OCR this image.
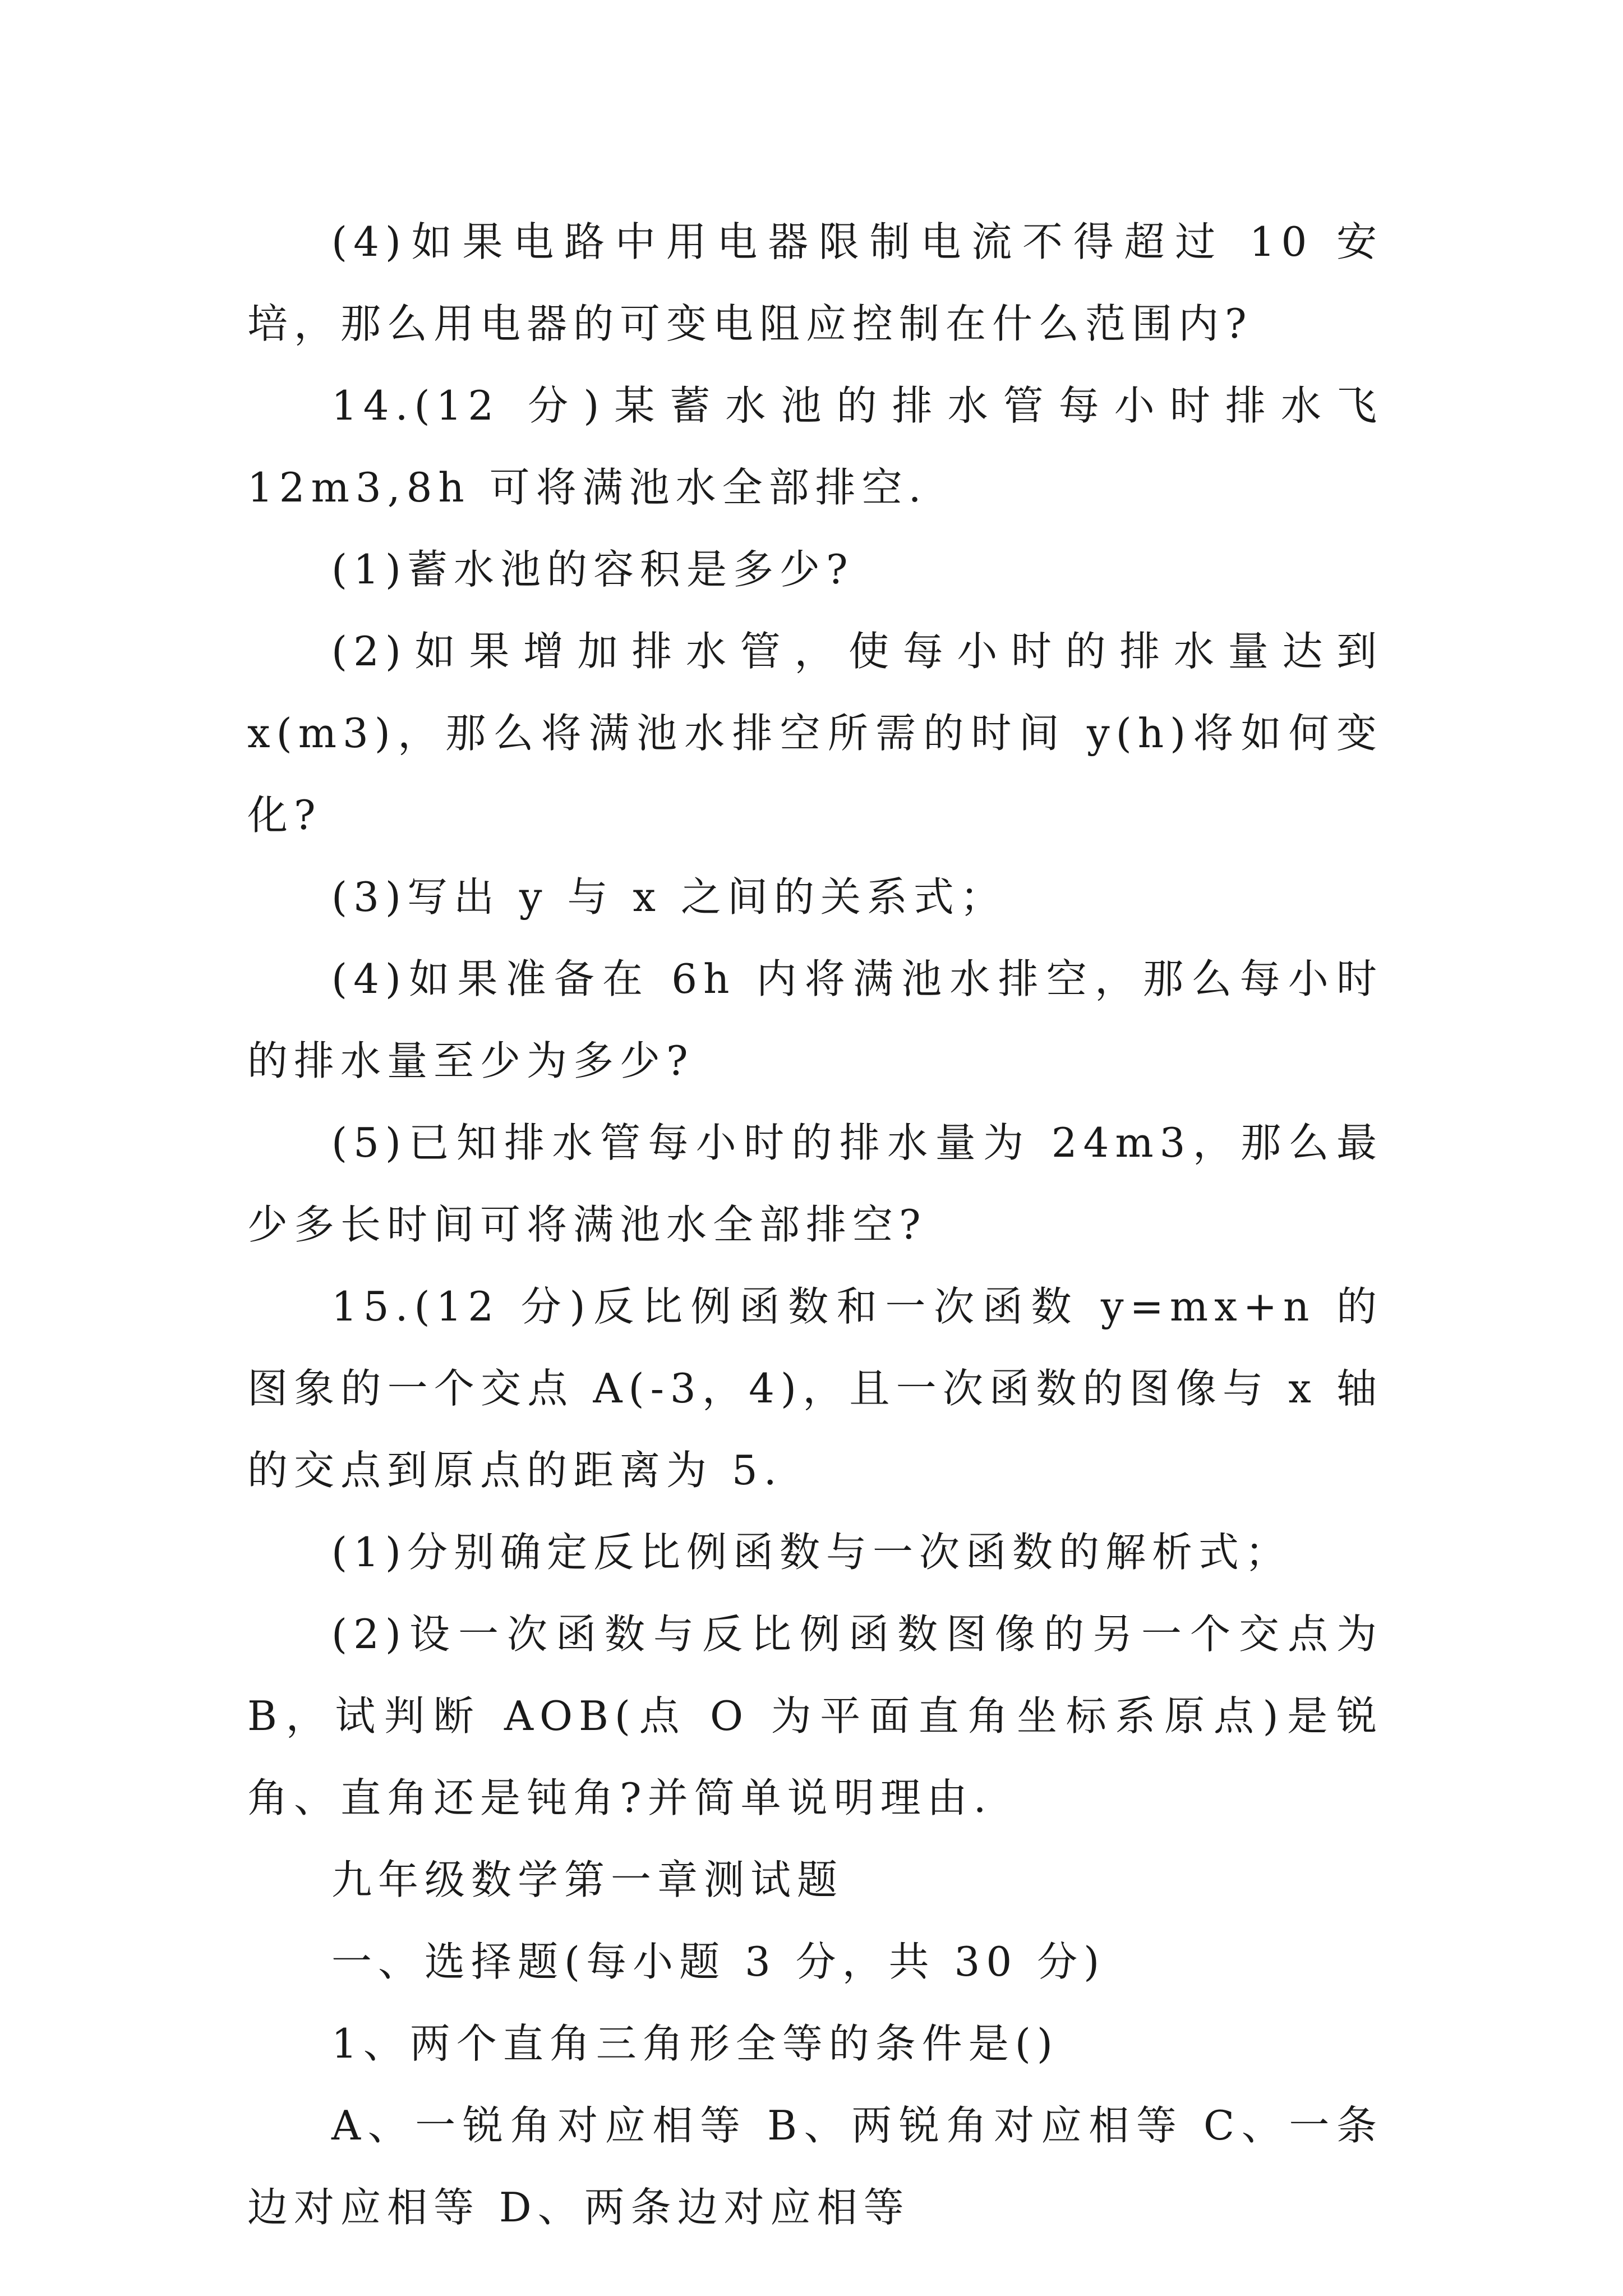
(4)如果电路中用电器限制电流不得超过 10 安培，那么用电器的可变电阻应控制在什么范围内?

14.(12 分)某蓄水池的排水管每小时排水飞 12m3,8h 可将满池水全部排空.

(1)蓄水池的容积是多少?

(2)如果增加排水管，使每小时的排水量达到 x(m3)，那么将满池水排空所需的时间 y(h)将如何变化?

(3)写出 y 与 x 之间的关系式；

(4)如果准备在 6h 内将满池水排空，那么每小时的排水量至少为多少?

(5)已知排水管每小时的排水量为 24m3，那么最少多长时间可将满池水全部排空?

15.(12 分)反比例函数和一次函数 y=mx+n 的图象的一个交点 A(-3，4)，且一次函数的图像与 x 轴的交点到原点的距离为 5.

(1)分别确定反比例函数与一次函数的解析式；

(2)设一次函数与反比例函数图像的另一个交点为 B，试判断 AOB(点 O 为平面直角坐标系原点)是锐角、直角还是钝角?并简单说明理由.

九年级数学第一章测试题

一、选择题(每小题 3 分，共 30 分)

1、两个直角三角形全等的条件是()

A、一锐角对应相等 B、两锐角对应相等 C、一条边对应相等 D、两条边对应相等
